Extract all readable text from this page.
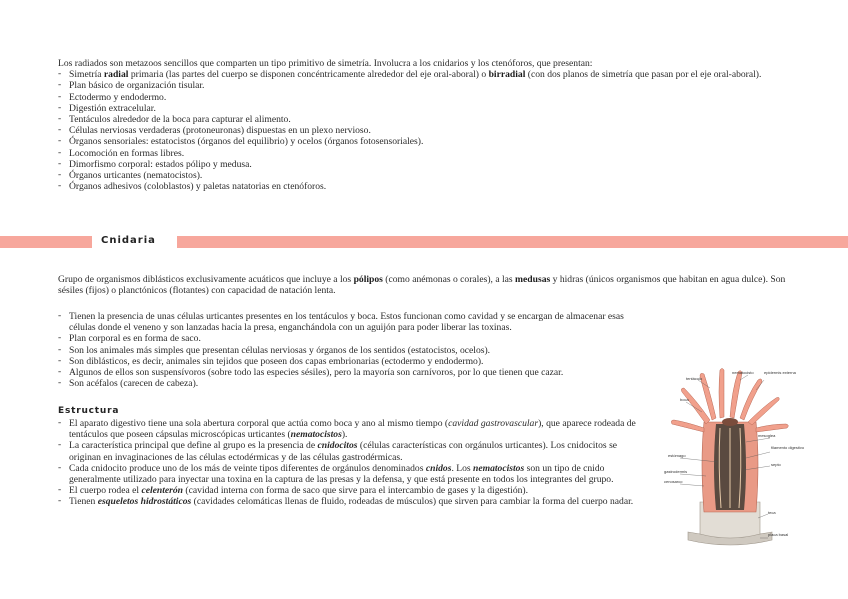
Los radiados son metazoos sencillos que comparten un tipo primitivo de simetría. Involucra a los cnidarios y los ctenóforos, que presentan:

- Simetría radial primaria (las partes del cuerpo se disponen concéntricamente alrededor del eje oral-aboral) o birradial (con dos planos de simetría que pasan por el eje oral-aboral).
- Plan básico de organización tisular.
- Ectodermo y endodermo.
- Digestión extracelular.
- Tentáculos alrededor de la boca para capturar el alimento.
- Células nerviosas verdaderas (protoneuronas) dispuestas en un plexo nervioso.
- Órganos sensoriales: estatocistos (órganos del equilibrio) y ocelos (órganos fotosensoriales).
- Locomoción en formas libres.
- Dimorfismo corporal: estados pólipo y medusa.
- Órganos urticantes (nematocistos).
- Órganos adhesivos (coloblastos) y paletas natatorias en ctenóforos.
Cnidaria

Grupo de organismos diblásticos exclusivamente acuáticos que incluye a los pólipos (como anémonas o corales), a las medusas y hidras (únicos organismos que habitan en agua dulce). Son sésiles (fijos) o planctónicos (flotantes) con capacidad de natación lenta.

- Tienen la presencia de unas células urticantes presentes en los tentáculos y boca. Estos funcionan como cavidad y se encargan de almacenar esas células donde el veneno y son lanzadas hacia la presa, enganchándola con un aguijón para poder liberar las toxinas.
- Plan corporal es en forma de saco.
- Son los animales más simples que presentan células nerviosas y órganos de los sentidos (estatocistos, ocelos).
- Son diblásticos, es decir, animales sin tejidos que poseen dos capas embrionarias (ectodermo y endodermo).
- Algunos de ellos son suspensívoros (sobre todo las especies sésiles), pero la mayoría son carnívoros, por lo que tienen que cazar.
- Son acéfalos (carecen de cabeza).
Estructura
- El aparato digestivo tiene una sola abertura corporal que actúa como boca y ano al mismo tiempo (cavidad gastrovascular), que aparece rodeada de tentáculos que poseen cápsulas microscópicas urticantes (nematocistos).
- La característica principal que define al grupo es la presencia de cnidocitos (células características con orgánulos urticantes). Los cnidocitos se originan en invaginaciones de las células ectodérmicas y de las células gastrodérmicas.
- Cada cnidocito produce uno de los más de veinte tipos diferentes de orgánulos denominados cnidos. Los nematocistos son un tipo de cnido generalmente utilizado para inyectar una toxina en la captura de las presas y la defensa, y que está presente en todos los integrantes del grupo.
- El cuerpo rodea el celenterón (cavidad interna con forma de saco que sirve para el intercambio de gases y la digestión).
- Tienen esqueletos hidrostáticos (cavidades celomáticas llenas de fluido, rodeadas de músculos) que sirven para cambiar la forma del cuerpo nadar.
tentáculo
nematocisto	epidermis externa
boca
mesoglea
filamento digestivo
estómago
septo
gastrodermis
cenosarco
teca
placa basal
